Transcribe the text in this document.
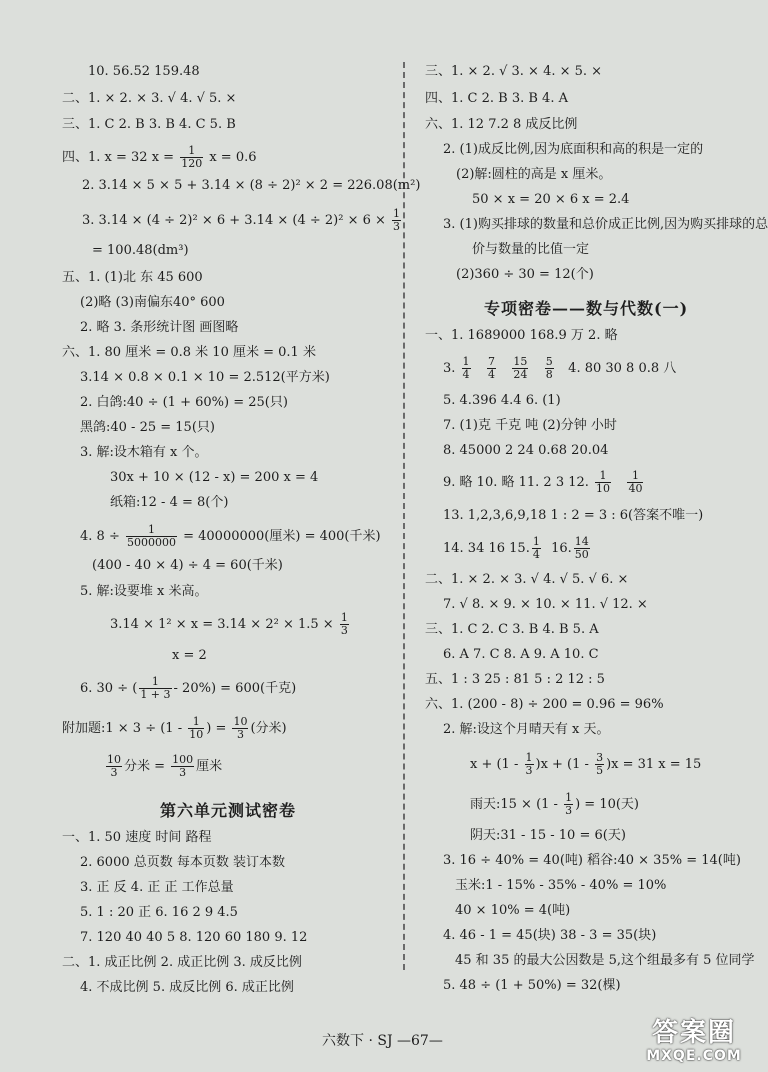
10. 56.52 159.48
二、1. × 2. × 3. √ 4. √ 5. ×
三、1. C 2. B 3. B 4. C 5. B
四、1. x = 32 $x = \frac{1}{120}$ x = 0.6
2. 3.14 × 5 × 5 + 3.14 × (8 ÷ 2)² × 2 = 226.08(m²)
3. $3.14 \times (4 \div 2)^2 \times 6 + 3.14 \times (4 \div 2)^2 \times 6 \times \frac{1}{3}$
= 100.48(dm³)
五、1. (1)北 东 45 600
(2)略 (3)南偏东40° 600
2. 略 3. 条形统计图 画图略
六、1. 80 厘米 = 0.8 米 10 厘米 = 0.1 米
3.14 × 0.8 × 0.1 × 10 = 2.512(平方米)
2. 白鸽:40 ÷ (1 + 60%) = 25(只)
黑鸽:40 - 25 = 15(只)
3. 解:设木箱有 x 个。
30x + 10 × (12 - x) = 200 x = 4
纸箱:12 - 4 = 8(个)
4. $8 \div \frac{1}{5000000} = 40000000$(厘米) = 400(千米)
(400 - 40 × 4) ÷ 4 = 60(千米)
5. 解:设要堆 x 米高。
$3.14 \times 1^2 \times x = 3.14 \times 2^2 \times 1.5 \times \frac{1}{3}$
x = 2
6. 30 ÷ ( $\frac{1}{1 + 3} - 20\%) = 600$(千克)
附加题:1 × $3 \div (1 - \frac{1}{10}$ ) = $\frac{10}{3}$ (分米)
$\frac{10}{3}$ 分米 = $\frac{100}{3}$ 厘米
第六单元测试密卷
一、1. 50 速度 时间 路程
2. 6000 总页数 每本页数 装订本数
3. 正 反 4. 正 正 工作总量
5. 1 : 20 正 6. 16 2 9 4.5
7. 120 40 40 5 8. 120 60 180 9. 12
二、1. 成正比例 2. 成正比例 3. 成反比例
4. 不成比例 5. 成反比例 6. 成正比例
三、1. × 2. √ 3. × 4. × 5. ×
四、1. C 2. B 3. B 4. A
六、1. 12 7.2 8 成反比例
2. (1)成反比例,因为底面积和高的积是一定的
(2)解:圆柱的高是 x 厘米。
50 × x = 20 × 6 x = 2.4
3. (1)购买排球的数量和总价成正比例,因为购买排球的总
价与数量的比值一定
(2)360 ÷ 30 = 12(个)
专项密卷——数与代数(一)
一、1. 1689000 168.9 万 2. 略
3. $\frac{1}{4}$
$\frac{7}{4}$
$\frac{15}{24}$
$\frac{5}{8} 4$. 80 30 8 0.8 八
5. 4.396 4.4 6. (1)
7. (1)克 千克 吨 (2)分钟 小时
8. 45000 2 24 0.68 20.04
9. 略 10. 略 11. 2 3 12. $\frac{1}{10}$
$\frac{1}{40}$
13. 1,2,3,6,9,18 1 : 2 = 3 : 6(答案不唯一)
14. 34 16 15. $\frac{1}{4} 16$. $\frac{14}{50}$
二、1. × 2. × 3. √ 4. √ 5. √ 6. ×
7. √ 8. × 9. × 10. × 11. √ 12. ×
三、1. C 2. C 3. B 4. B 5. A
6. A 7. C 8. A 9. A 10. C
五、1 : 3 25 : 81 5 : 2 12 : 5
六、1. (200 - 8) ÷ 200 = 0.96 = 96%
2. 解:设这个月晴天有 x 天。
$x + (1 - \frac{1}{3} )x + (1 - \frac{3}{5} )x = 31$ x = 15
雨天:15 × ($1 - \frac{1}{3}$ ) = 10(天)
阴天:31 - 15 - 10 = 6(天)
3. 16 ÷ 40% = 40(吨) 稻谷:40 × 35% = 14(吨)
玉米:1 - 15% - 35% - 40% = 10%
40 × 10% = 4(吨)
4. 46 - 1 = 45(块) 38 - 3 = 35(块)
45 和 35 的最大公因数是 5,这个组最多有 5 位同学
5. 48 ÷ (1 + 50%) = 32(棵)
六数下 · SJ —67—	答案圈
MXQE.COM
